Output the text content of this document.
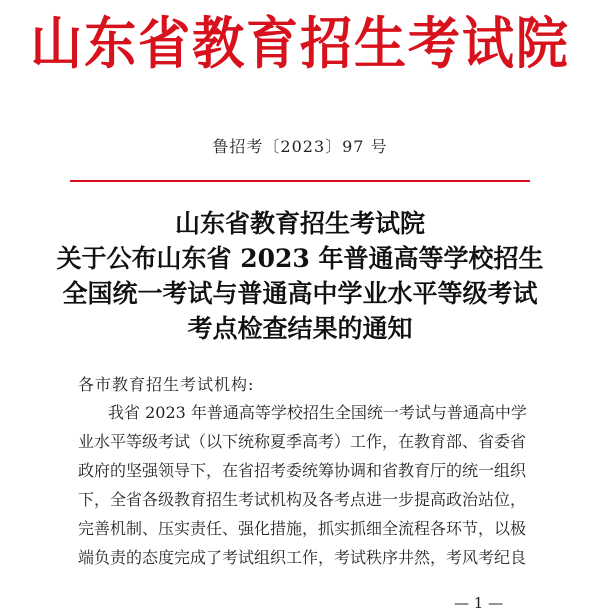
山东省教育招生考试院
鲁招考〔2023〕97 号
山东省教育招生考试院
关于公布山东省 2023 年普通高等学校招生
全国统一考试与普通高中学业水平等级考试
考点检查结果的通知
各市教育招生考试机构:
我省 2023 年普通高等学校招生全国统一考试与普通高中学
业水平等级考试（以下统称夏季高考）工作，在教育部、省委省
政府的坚强领导下，在省招考委统筹协调和省教育厅的统一组织
下，全省各级教育招生考试机构及各考点进一步提高政治站位，
完善机制、压实责任、强化措施，抓实抓细全流程各环节，以极
端负责的态度完成了考试组织工作，考试秩序井然，考风考纪良
— 1 —
